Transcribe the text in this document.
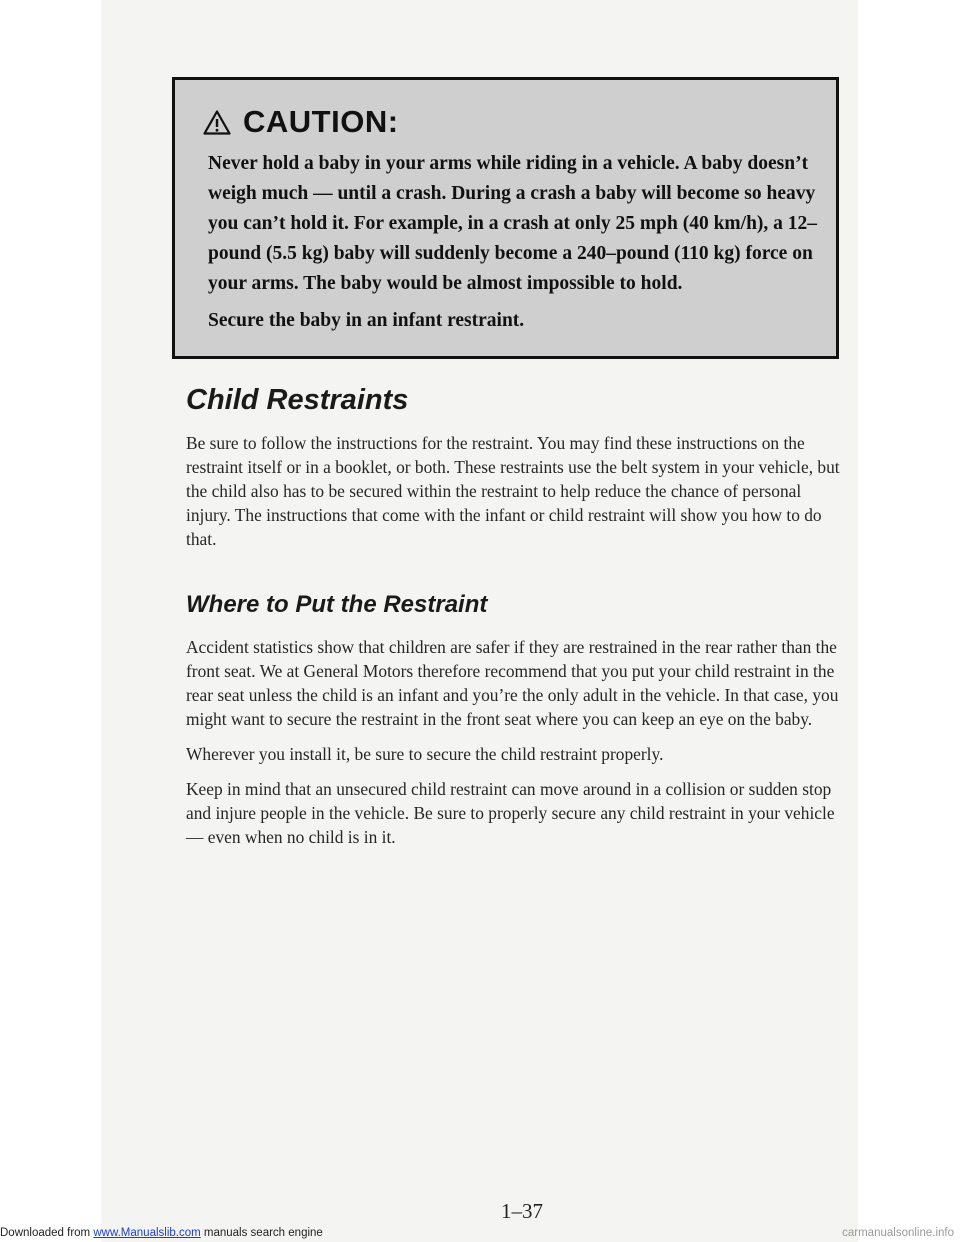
CAUTION:

Never hold a baby in your arms while riding in a vehicle. A baby doesn’t weigh much — until a crash. During a crash a baby will become so heavy you can’t hold it. For example, in a crash at only 25 mph (40 km/h), a 12–pound (5.5 kg) baby will suddenly become a 240–pound (110 kg) force on your arms. The baby would be almost impossible to hold.

Secure the baby in an infant restraint.

Child Restraints

Be sure to follow the instructions for the restraint. You may find these instructions on the restraint itself or in a booklet, or both. These restraints use the belt system in your vehicle, but the child also has to be secured within the restraint to help reduce the chance of personal injury. The instructions that come with the infant or child restraint will show you how to do that.

Where to Put the Restraint

Accident statistics show that children are safer if they are restrained in the rear rather than the front seat. We at General Motors therefore recommend that you put your child restraint in the rear seat unless the child is an infant and you’re the only adult in the vehicle. In that case, you might want to secure the restraint in the front seat where you can keep an eye on the baby.

Wherever you install it, be sure to secure the child restraint properly.

Keep in mind that an unsecured child restraint can move around in a collision or sudden stop and injure people in the vehicle. Be sure to properly secure any child restraint in your vehicle — even when no child is in it.

1–37
Downloaded from www.Manualslib.com manuals search engine	carmanualsonline.info
